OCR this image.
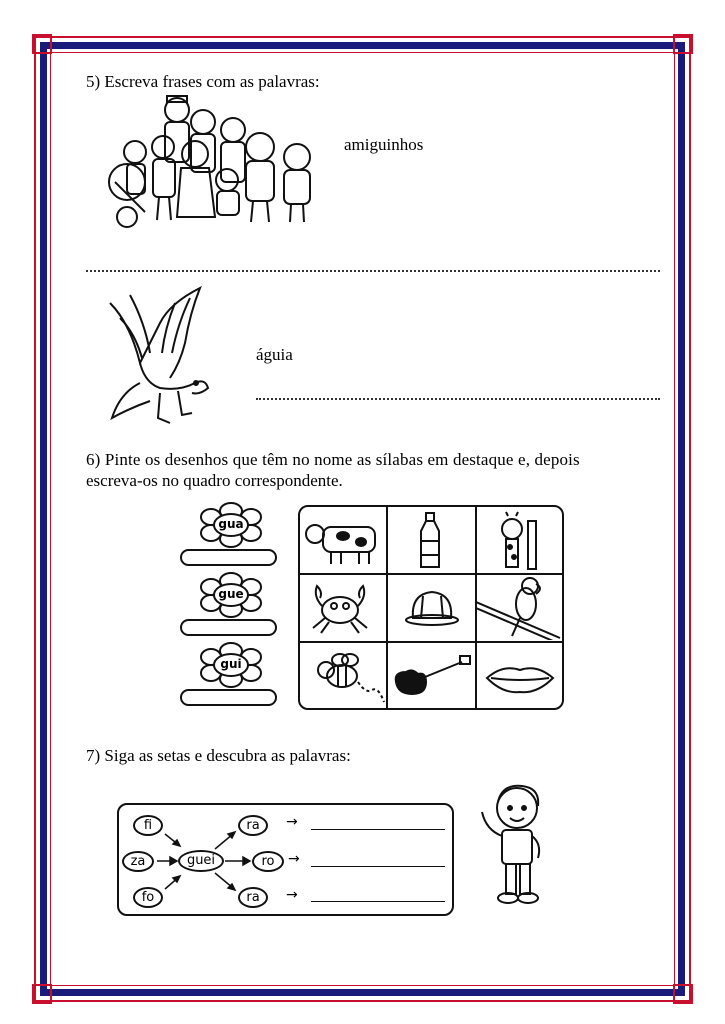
5) Escreva frases com as palavras:
amiguinhos
águia
6) Pinte os desenhos que têm no nome as sílabas em destaque e, depois
escreva-os no quadro correspondente.
gua
gue
gui
7) Siga as setas e descubra as palavras:
fi
za
fo
guei
ra
ro
ra
→
→
→
